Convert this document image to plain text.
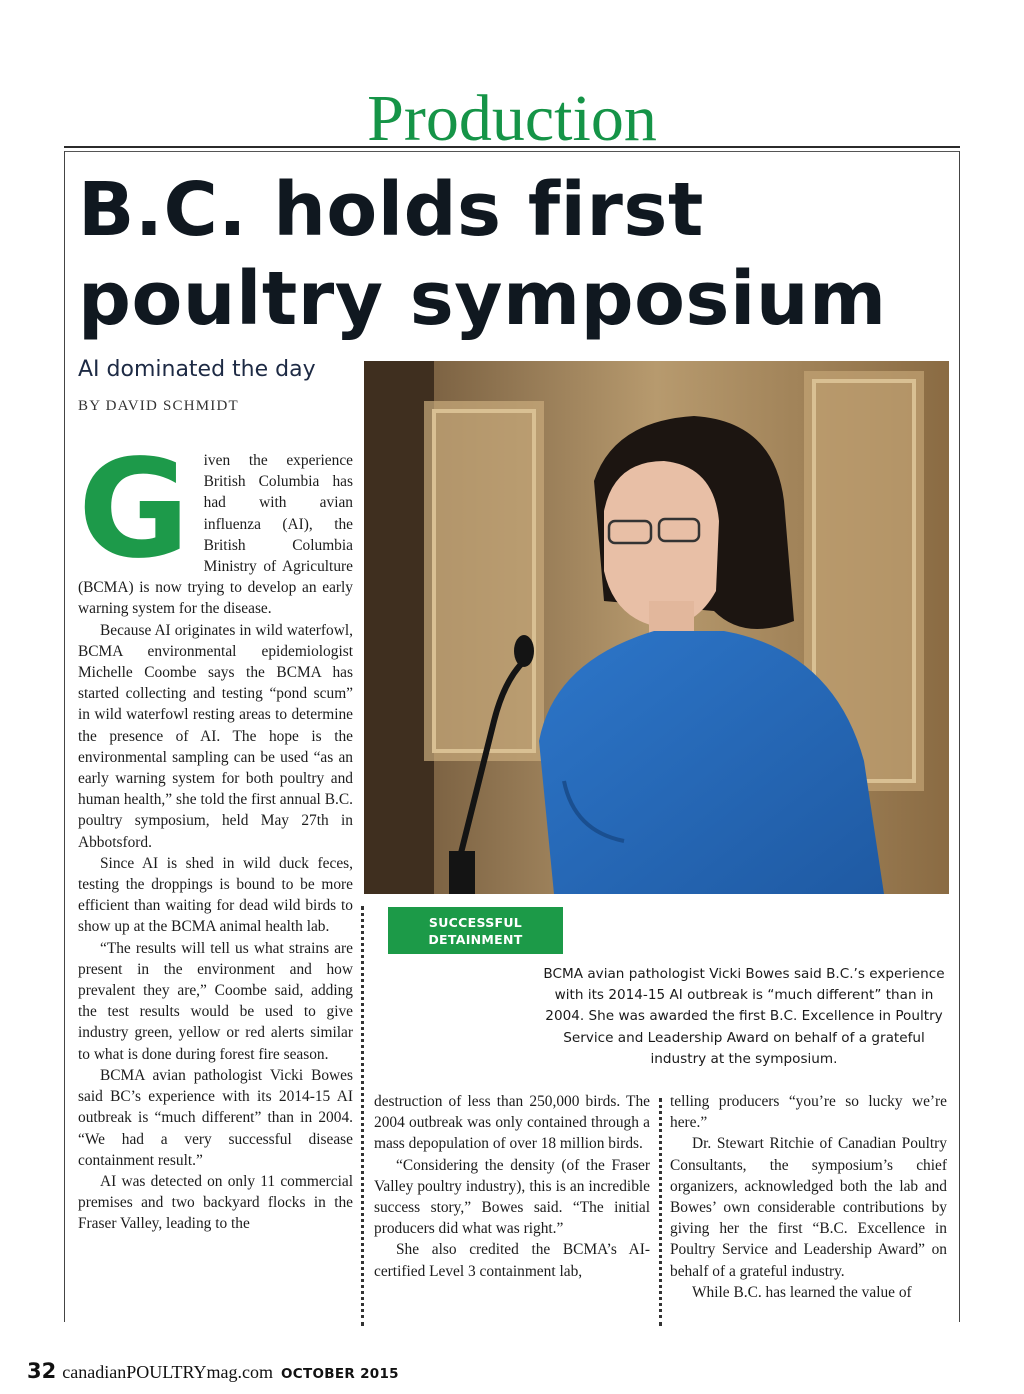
Production
B.C. holds first
poultry symposium
AI dominated the day
BY DAVID SCHMIDT
SUCCESSFUL
DETAINMENT
BCMA avian pathologist Vicki Bowes said B.C.’s experience with its 2014-15 AI outbreak is “much different” than in 2004. She was awarded the first B.C. Excellence in Poultry Service and Leadership Award on behalf of a grateful industry at the symposium.
G iven the experience British Columbia has had with avian influenza (AI), the British Columbia Ministry of Agriculture (BCMA) is now trying to develop an early warning system for the disease.

Because AI originates in wild waterfowl, BCMA environmental epidemiologist Michelle Coombe says the BCMA has started collecting and testing “pond scum” in wild waterfowl resting areas to determine the presence of AI. The hope is the environmental sampling can be used “as an early warning system for both poultry and human health,” she told the first annual B.C. poultry symposium, held May 27th in Abbotsford.

Since AI is shed in wild duck feces, testing the droppings is bound to be more efficient than waiting for dead wild birds to show up at the BCMA animal health lab.

“The results will tell us what strains are present in the environment and how prevalent they are,” Coombe said, adding the test results would be used to give industry green, yellow or red alerts similar to what is done during forest fire season.

BCMA avian pathologist Vicki Bowes said BC’s experience with its 2014-15 AI outbreak is “much different” than in 2004. “We had a very successful disease containment result.”

AI was detected on only 11 commercial premises and two backyard flocks in the Fraser Valley, leading to the

destruction of less than 250,000 birds. The 2004 outbreak was only contained through a mass depopulation of over 18 million birds.

“Considering the density (of the Fraser Valley poultry industry), this is an incredible success story,” Bowes said. “The initial producers did what was right.”

She also credited the BCMA’s AI-certified Level 3 containment lab,

telling producers “you’re so lucky we’re here.”

Dr. Stewart Ritchie of Canadian Poultry Consultants, the symposium’s chief organizers, acknowledged both the lab and Bowes’ own considerable contributions by giving her the first “B.C. Excellence in Poultry Service and Leadership Award” on behalf of a grateful industry.

While B.C. has learned the value of

32 canadianPOULTRYmag.com OCTOBER 2015
